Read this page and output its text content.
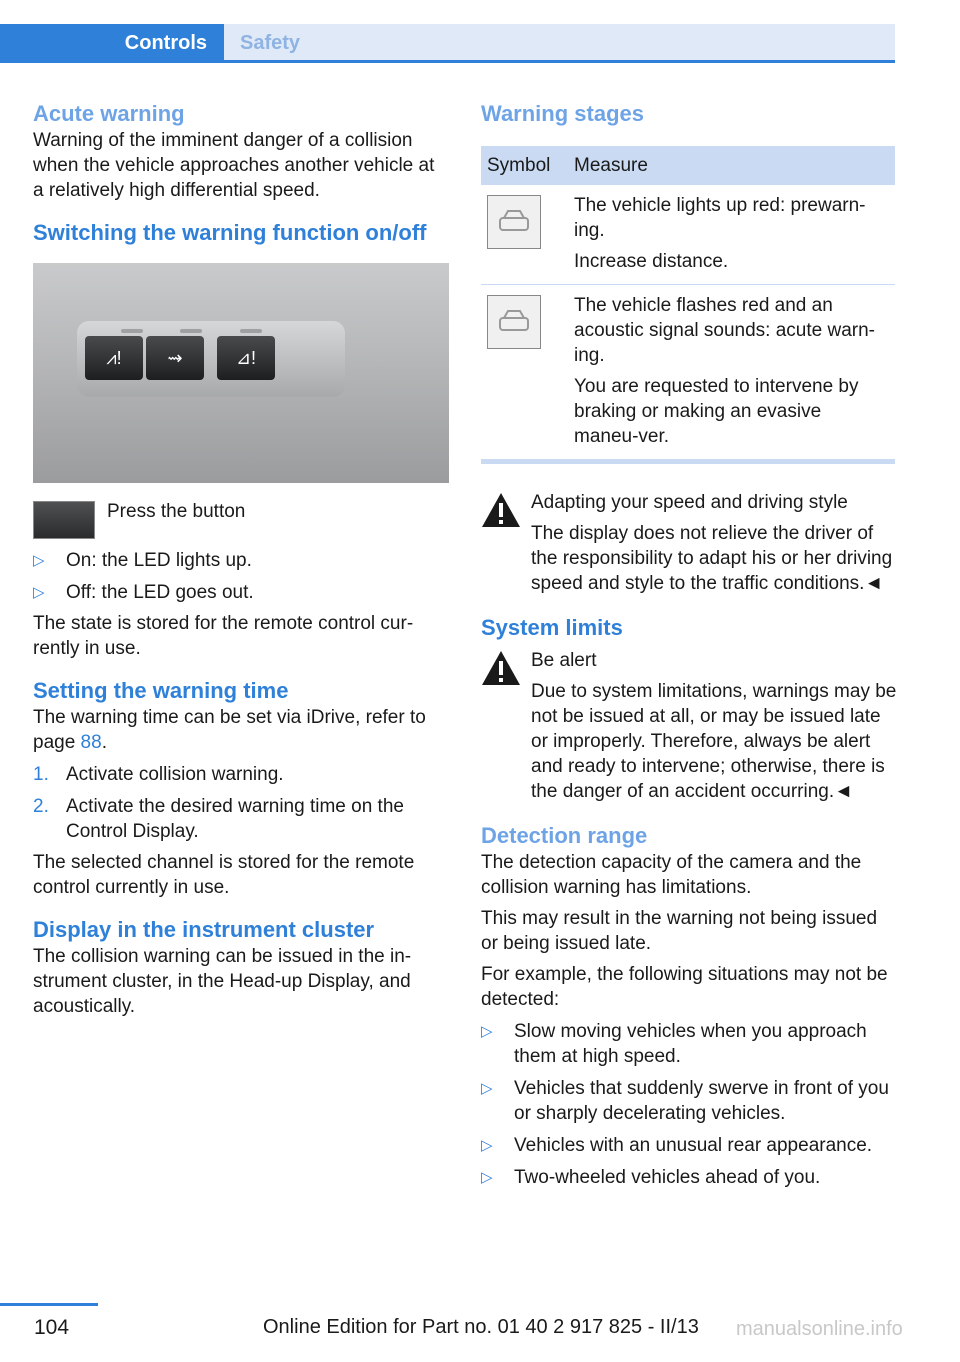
Controls	Safety
Acute warning

Warning of the imminent danger of a collision when the vehicle approaches another vehicle at a relatively high differential speed.

Switching the warning function on/off
⩘!	⇝	⊿!
Press the button
▷ On: the LED lights up.
▷ Off: the LED goes out.

The state is stored for the remote control cur-rently in use.

Setting the warning time

The warning time can be set via iDrive, refer to page 88.

1. Activate collision warning.
2. Activate the desired warning time on the Control Display.

The selected channel is stored for the remote control currently in use.

Display in the instrument cluster

The collision warning can be issued in the in-strument cluster, in the Head-up Display, and acoustically.

Warning stages
Symbol	Measure

The vehicle lights up red: prewarn-ing.
Increase distance.

The vehicle flashes red and an acoustic signal sounds: acute warn-ing.
You are requested to intervene by braking or making an evasive maneu-ver.

Adapting your speed and driving style

The display does not relieve the driver of the responsibility to adapt his or her driving speed and style to the traffic conditions.◄

System limits

Be alert

Due to system limitations, warnings may be not be issued at all, or may be issued late or improperly. Therefore, always be alert and ready to intervene; otherwise, there is the danger of an accident occurring.◄

Detection range

The detection capacity of the camera and the collision warning has limitations.

This may result in the warning not being issued or being issued late.

For example, the following situations may not be detected:

▷ Slow moving vehicles when you approach them at high speed.
▷ Vehicles that suddenly swerve in front of you or sharply decelerating vehicles.
▷ Vehicles with an unusual rear appearance.
▷ Two-wheeled vehicles ahead of you.
104	Online Edition for Part no. 01 40 2 917 825 - II/13 manualsonline.info
